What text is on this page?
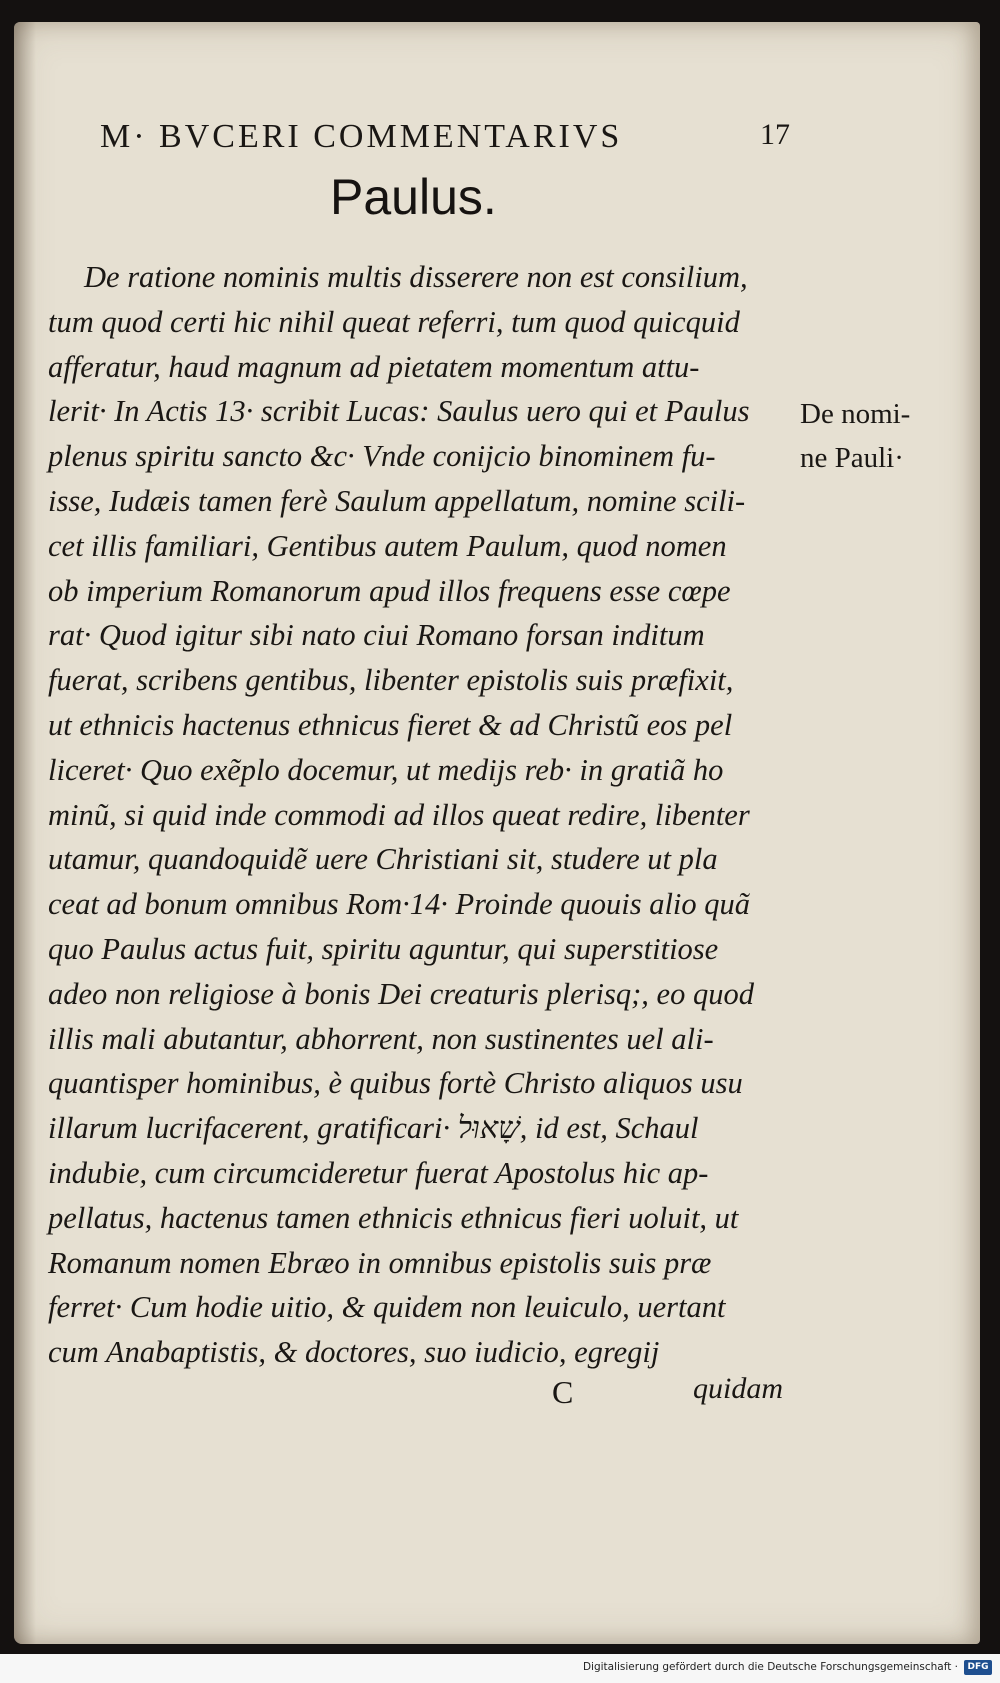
M· BVCERI COMMENTARIVS	17
Paulus.
De ratione nominis multis disserere non est consilium,
tum quod certi hic nihil queat referri, tum quod quicquid
afferatur, haud magnum ad pietatem momentum attu-
lerit· In Actis 13· scribit Lucas: Saulus uero qui et Paulus
plenus spiritu sancto &c· Vnde conijcio binominem fu-
isse, Iudæis tamen ferè Saulum appellatum, nomine scili-
cet illis familiari, Gentibus autem Paulum, quod nomen
ob imperium Romanorum apud illos frequens esse cœpe
rat· Quod igitur sibi nato ciui Romano forsan inditum
fuerat, scribens gentibus, libenter epistolis suis præfixit,
ut ethnicis hactenus ethnicus fieret & ad Christũ eos pel
liceret· Quo exẽplo docemur, ut medijs reb· in gratiã ho
minũ, si quid inde commodi ad illos queat redire, libenter
utamur, quandoquidẽ uere Christiani sit, studere ut pla
ceat ad bonum omnibus Rom·14· Proinde quouis alio quã
quo Paulus actus fuit, spiritu aguntur, qui superstitiose
adeo non religiose à bonis Dei creaturis plerisq;, eo quod
illis mali abutantur, abhorrent, non sustinentes uel ali-
quantisper hominibus, è quibus fortè Christo aliquos usu
illarum lucrifacerent, gratificari· שָׁאוּל, id est, Schaul
indubie, cum circumcideretur fuerat Apostolus hic ap-
pellatus, hactenus tamen ethnicis ethnicus fieri uoluit, ut
Romanum nomen Ebræo in omnibus epistolis suis præ
ferret· Cum hodie uitio, & quidem non leuiculo, uertant
cum Anabaptistis, & doctores, suo iudicio, egregij
De nomi-
ne Pauli·
C	quidam
Digitalisierung gefördert durch die Deutsche Forschungsgemeinschaft ·	DFG
